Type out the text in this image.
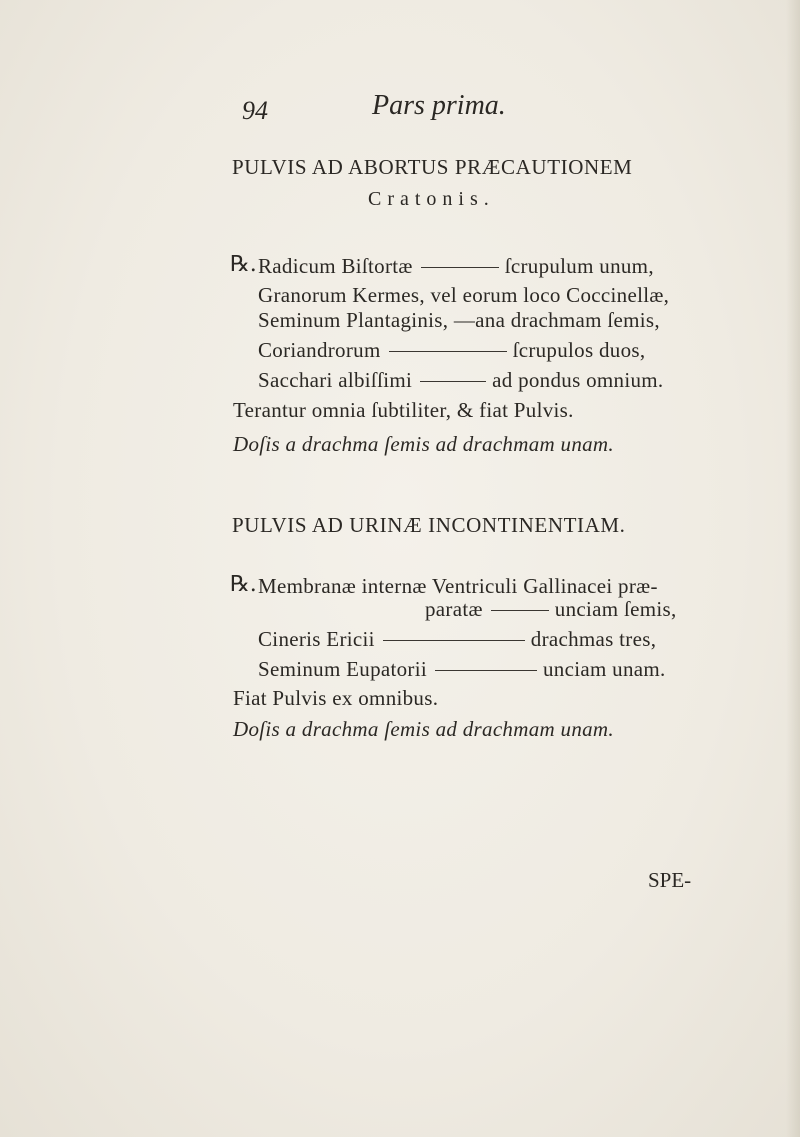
94	Pars prima.
PULVIS AD ABORTUS PRÆCAUTIONEM
Cratonis.
℞. Radicum Biſtortæ	ſcrupulum unum,
Granorum Kermes, vel eorum loco Coccinellæ,
Seminum Plantaginis, —ana drachmam ſemis,
Coriandrorum	ſcrupulos duos,
Sacchari albiſſimi	ad pondus omnium.
Terantur omnia ſubtiliter, & fiat Pulvis.
Doſis a drachma ſemis ad drachmam unam.
PULVIS AD URINÆ INCONTINENTIAM.
℞. Membranæ internæ Ventriculi Gallinacei præ-
paratæ	unciam ſemis,
Cineris Ericii	drachmas tres,
Seminum Eupatorii	unciam unam.
Fiat Pulvis ex omnibus.
Doſis a drachma ſemis ad drachmam unam.
SPE-
